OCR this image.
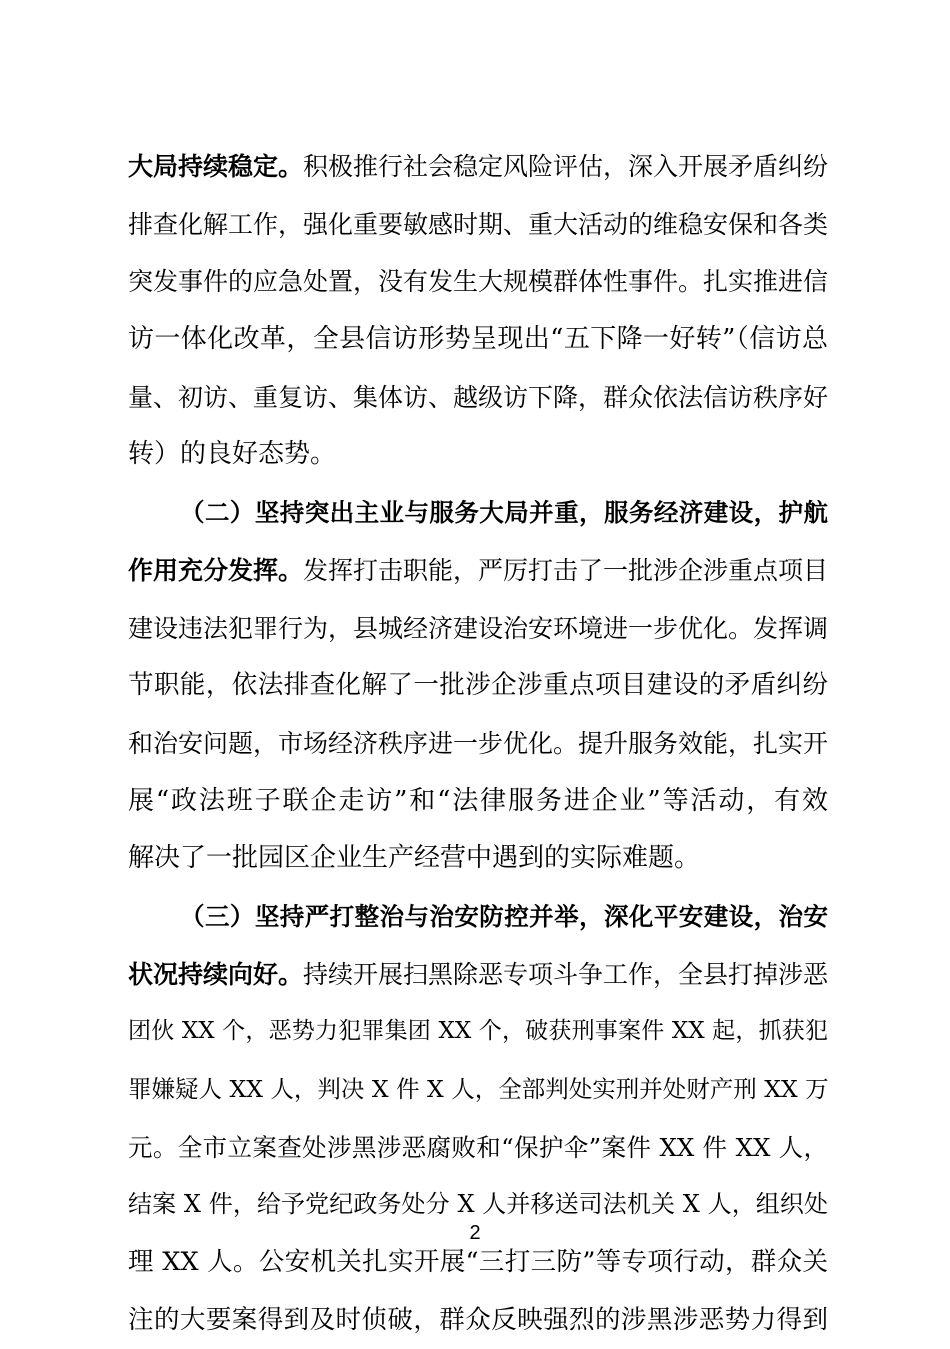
大局持续稳定。积极推行社会稳定风险评估，深入开展矛盾纠纷
排查化解工作，强化重要敏感时期、重大活动的维稳安保和各类
突发事件的应急处置，没有发生大规模群体性事件。扎实推进信
访一体化改革，全县信访形势呈现出“五下降一好转”（信访总
量、初访、重复访、集体访、越级访下降，群众依法信访秩序好
转）的良好态势。
（二）坚持突出主业与服务大局并重，服务经济建设，护航
作用充分发挥。发挥打击职能，严厉打击了一批涉企涉重点项目
建设违法犯罪行为，县城经济建设治安环境进一步优化。发挥调
节职能，依法排查化解了一批涉企涉重点项目建设的矛盾纠纷
和治安问题，市场经济秩序进一步优化。提升服务效能，扎实开
展“政法班子联企走访”和“法律服务进企业”等活动，有效
解决了一批园区企业生产经营中遇到的实际难题。
（三）坚持严打整治与治安防控并举，深化平安建设，治安
状况持续向好。持续开展扫黑除恶专项斗争工作，全县打掉涉恶
团伙 XX 个，恶势力犯罪集团 XX 个，破获刑事案件 XX 起，抓获犯
罪嫌疑人 XX 人，判决 X 件 X 人，全部判处实刑并处财产刑 XX 万
元。全市立案查处涉黑涉恶腐败和“保护伞”案件 XX 件 XX 人，
结案 X 件，给予党纪政务处分 X 人并移送司法机关 X 人，组织处
理 XX 人。公安机关扎实开展“三打三防”等专项行动，群众关
注的大要案得到及时侦破，群众反映强烈的涉黑涉恶势力得到
2
